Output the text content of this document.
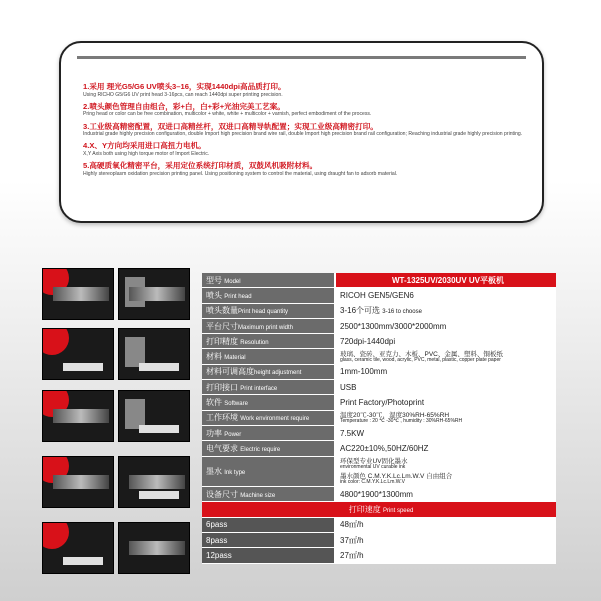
1.采用 理光G5/G6 UV喷头3–16，实现1440dpi高品质打印。
Using RICHO G5/G6 UV print head 3-16pcs, can reach 1440dpi super printing precision.
2.喷头颜色管理自由组合，彩+白，白+彩+光油完美工艺案。
Pring head or color can be free combination, multicolor + white, white + multicolor + varnish, perfect embodiment of the process.
3.工业级高精密配置，双进口高精丝杆，双进口高精导轨配置；实现工业级高精密打印。
Industrial grade highly precision configuration, double Import high precision brand wire rail, double Import high precision brand rail configuration; Reaching industrial grade highly precision printing.
4.X、Y方向均采用进口高扭力电机。
X,Y Axis both using high torque motor of Import Electric.
5.高硬质氧化精密平台，采用定位系统打印材质，双鼓风机吸附材料。
Highly stereoplasm oxidation precision printing panel. Using positioning system to control the material, using draught fan to adsorb material.
型号 Model	WT-1325UV/2030UV UV平板机
喷头 Print head	RICOH GEN5/GEN6
喷头数量Print head quantity	3-16个可选 3-16 to choose
平台尺寸Maximum print width	2500*1300mm/3000*2000mm
打印精度 Resolution	720dpi-1440dpi
材料 Material	玻璃、瓷砖、亚克力、木板、PVC、金属、塑料、铜板纸
glass, ceramic tile, wood, acrylic, PVC, metal, plastic, copper plate paper

材料可调高度height adjustment	1mm-100mm
打印接口 Print interface	USB
软件 Software	Print Factory/Photoprint
工作环境 Work environment require	温度20℃-30℃，湿度30%RH-65%RH
Temperature : 20 ℃ -30℃ , humidity : 30%RH-65%RH

功率 Power	7.5KW
电气要求 Electric require	AC220±10%,50HZ/60HZ
墨水 Ink type	环保型专业UV固化墨水
environmental UV curable ink

	墨水颜色 C.M.Y.K.Lc.Lm.W.V 自由组合
ink color: C.M.Y.K.Lc.Lm.W.V

设备尺寸 Machine size	4800*1900*1300mm
打印速度 Print speed	
6pass	48㎡/h
8pass	37㎡/h
12pass	27㎡/h
